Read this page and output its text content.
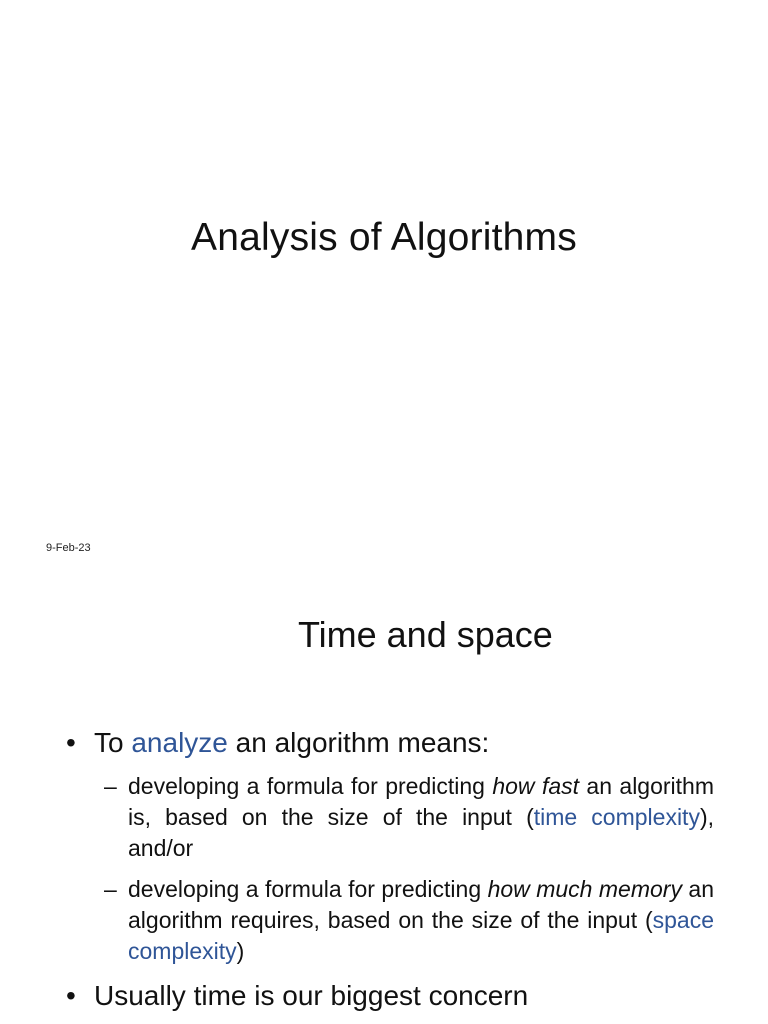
Analysis of Algorithms
9-Feb-23
Time and space
• To analyze an algorithm means:
– developing a formula for predicting how fast an algorithm is, based on the size of the input (time complexity), and/or
– developing a formula for predicting how much memory an algorithm requires, based on the size of the input (space complexity)
• Usually time is our biggest concern
